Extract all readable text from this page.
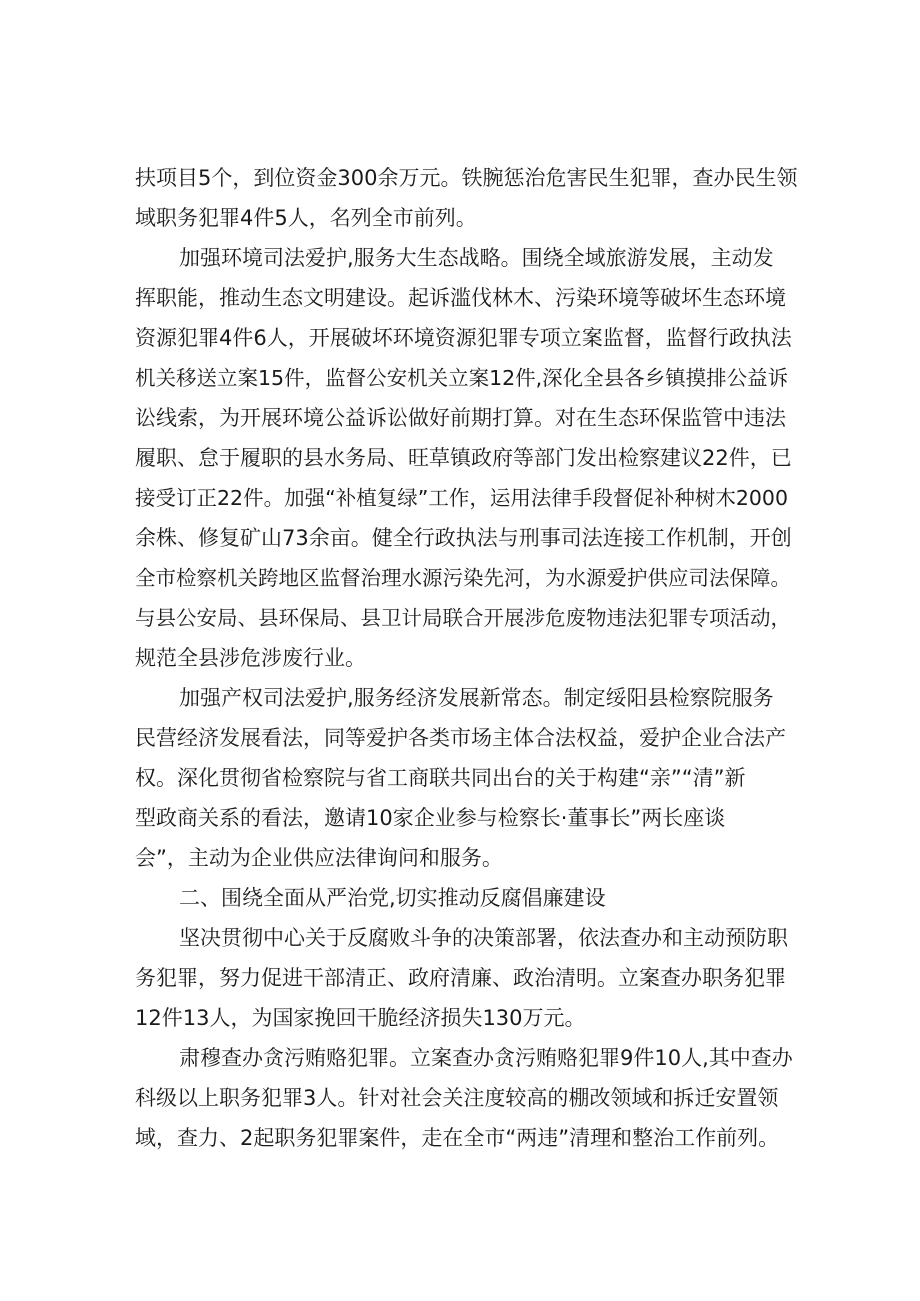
扶项目5个，到位资金300余万元。铁腕惩治危害民生犯罪，查办民生领
域职务犯罪4件5人，名列全市前列。
加强环境司法爱护,服务大生态战略。围绕全域旅游发展，主动发
挥职能，推动生态文明建设。起诉滥伐林木、污染环境等破坏生态环境
资源犯罪4件6人，开展破坏环境资源犯罪专项立案监督，监督行政执法
机关移送立案15件，监督公安机关立案12件,深化全县各乡镇摸排公益诉
讼线索，为开展环境公益诉讼做好前期打算。对在生态环保监管中违法
履职、怠于履职的县水务局、旺草镇政府等部门发出检察建议22件，已
接受订正22件。加强“补植复绿”工作，运用法律手段督促补种树木2000
余株、修复矿山73余亩。健全行政执法与刑事司法连接工作机制，开创
全市检察机关跨地区监督治理水源污染先河，为水源爱护供应司法保障。
与县公安局、县环保局、县卫计局联合开展涉危废物违法犯罪专项活动，
规范全县涉危涉废行业。
加强产权司法爱护,服务经济发展新常态。制定绥阳县检察院服务
民营经济发展看法，同等爱护各类市场主体合法权益，爱护企业合法产
权。深化贯彻省检察院与省工商联共同出台的关于构建“亲”“清”新
型政商关系的看法，邀请10家企业参与检察长·董事长”两长座谈
会”，主动为企业供应法律询问和服务。
二、围绕全面从严治党,切实推动反腐倡廉建设
坚决贯彻中心关于反腐败斗争的决策部署，依法查办和主动预防职
务犯罪，努力促进干部清正、政府清廉、政治清明。立案查办职务犯罪
12件13人，为国家挽回干脆经济损失130万元。
肃穆查办贪污贿赂犯罪。立案查办贪污贿赂犯罪9件10人,其中查办
科级以上职务犯罪3人。针对社会关注度较高的棚改领域和拆迁安置领
域，查力、2起职务犯罪案件，走在全市“两违”清理和整治工作前列。
